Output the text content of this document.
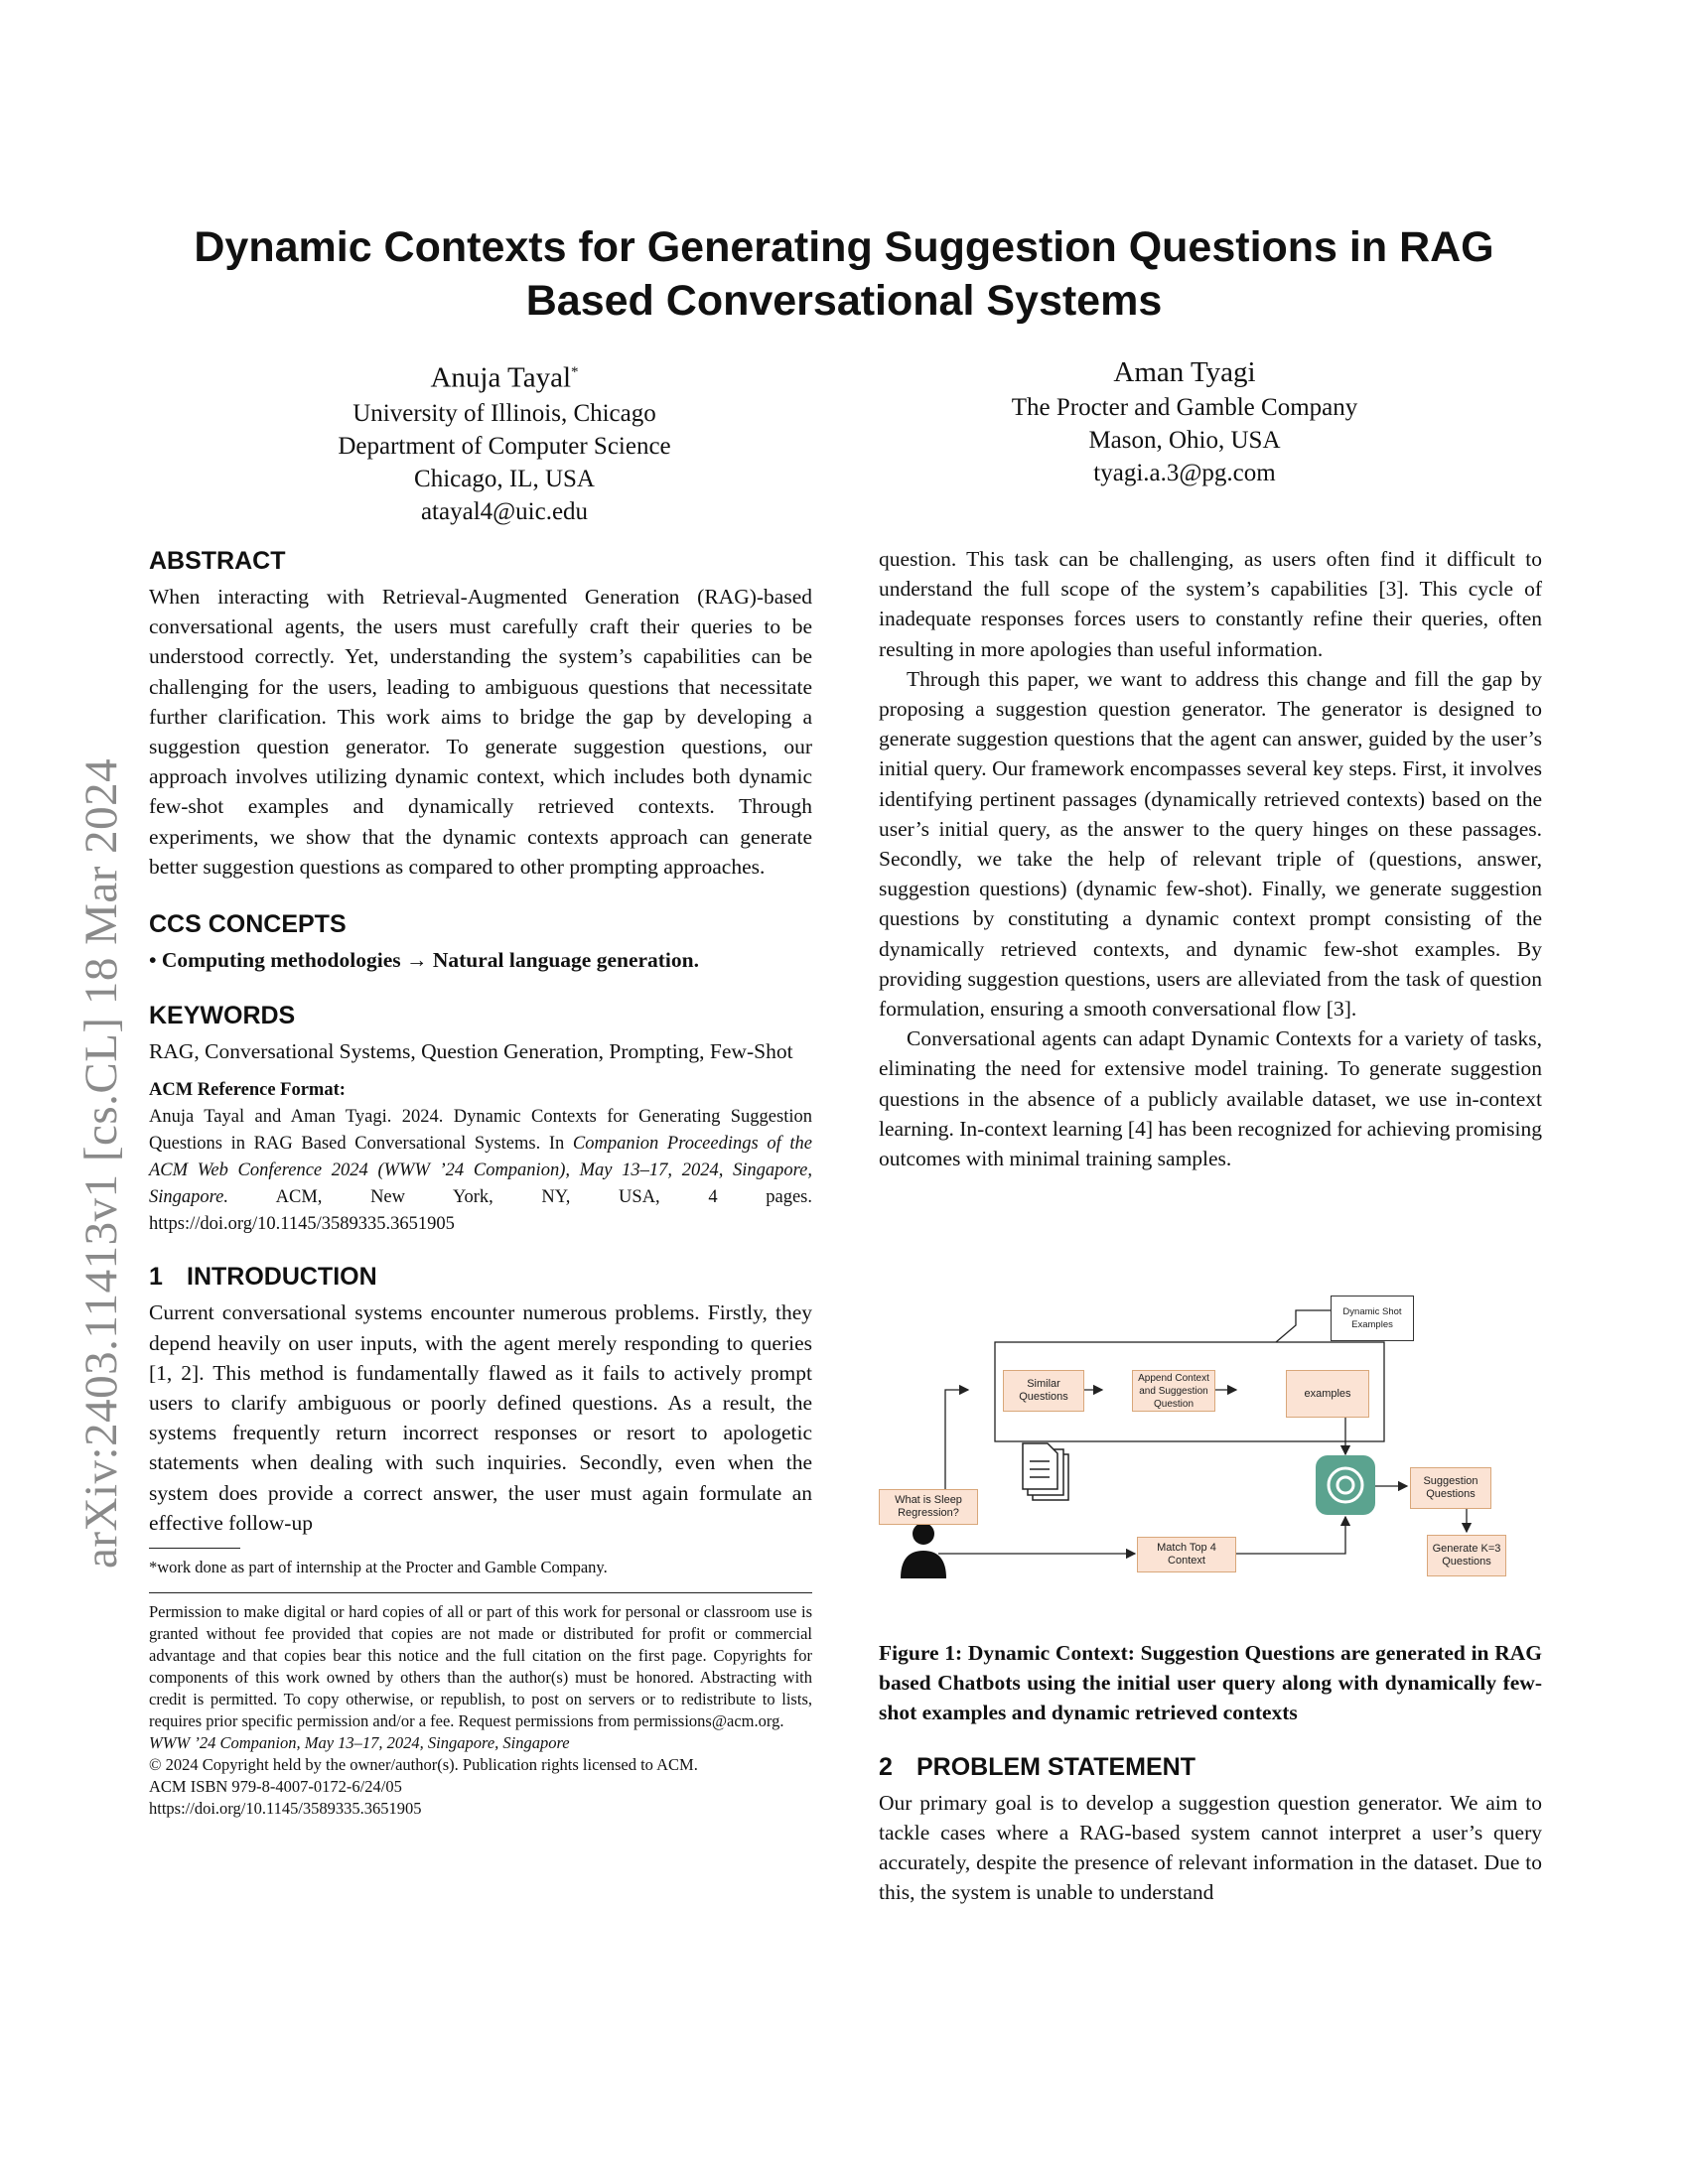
arXiv:2403.11413v1 [cs.CL] 18 Mar 2024
Dynamic Contexts for Generating Suggestion Questions in RAG Based Conversational Systems
Anuja Tayal*
University of Illinois, Chicago
Department of Computer Science
Chicago, IL, USA
atayal4@uic.edu
Aman Tyagi
The Procter and Gamble Company
Mason, Ohio, USA
tyagi.a.3@pg.com
ABSTRACT

When interacting with Retrieval-Augmented Generation (RAG)-based conversational agents, the users must carefully craft their queries to be understood correctly. Yet, understanding the system’s capabilities can be challenging for the users, leading to ambiguous questions that necessitate further clarification. This work aims to bridge the gap by developing a suggestion question generator. To generate suggestion questions, our approach involves utilizing dynamic context, which includes both dynamic few-shot examples and dynamically retrieved contexts. Through experiments, we show that the dynamic contexts approach can generate better suggestion questions as compared to other prompting approaches.

CCS CONCEPTS

• Computing methodologies → Natural language generation.

KEYWORDS

RAG, Conversational Systems, Question Generation, Prompting, Few-Shot

ACM Reference Format:
Anuja Tayal and Aman Tyagi. 2024. Dynamic Contexts for Generating Suggestion Questions in RAG Based Conversational Systems. In Companion Proceedings of the ACM Web Conference 2024 (WWW ’24 Companion), May 13–17, 2024, Singapore, Singapore. ACM, New York, NY, USA, 4 pages. https://doi.org/10.1145/3589335.3651905
1 INTRODUCTION

Current conversational systems encounter numerous problems. Firstly, they depend heavily on user inputs, with the agent merely responding to queries [1, 2]. This method is fundamentally flawed as it fails to actively prompt users to clarify ambiguous or poorly defined questions. As a result, the systems frequently return incorrect responses or resort to apologetic statements when dealing with such inquiries. Secondly, even when the system does provide a correct answer, the user must again formulate an effective follow-up

*work done as part of internship at the Procter and Gamble Company.
Permission to make digital or hard copies of all or part of this work for personal or classroom use is granted without fee provided that copies are not made or distributed for profit or commercial advantage and that copies bear this notice and the full citation on the first page. Copyrights for components of this work owned by others than the author(s) must be honored. Abstracting with credit is permitted. To copy otherwise, or republish, to post on servers or to redistribute to lists, requires prior specific permission and/or a fee. Request permissions from permissions@acm.org.
WWW ’24 Companion, May 13–17, 2024, Singapore, Singapore
© 2024 Copyright held by the owner/author(s). Publication rights licensed to ACM.
ACM ISBN 979-8-4007-0172-6/24/05
https://doi.org/10.1145/3589335.3651905

question. This task can be challenging, as users often find it difficult to understand the full scope of the system’s capabilities [3]. This cycle of inadequate responses forces users to constantly refine their queries, often resulting in more apologies than useful information.

Through this paper, we want to address this change and fill the gap by proposing a suggestion question generator. The generator is designed to generate suggestion questions that the agent can answer, guided by the user’s initial query. Our framework encompasses several key steps. First, it involves identifying pertinent passages (dynamically retrieved contexts) based on the user’s initial query, as the answer to the query hinges on these passages. Secondly, we take the help of relevant triple of (questions, answer, suggestion questions) (dynamic few-shot). Finally, we generate suggestion questions by constituting a dynamic context prompt consisting of the dynamically retrieved contexts, and dynamic few-shot examples. By providing suggestion questions, users are alleviated from the task of question formulation, ensuring a smooth conversational flow [3].

Conversational agents can adapt Dynamic Contexts for a variety of tasks, eliminating the need for extensive model training. To generate suggestion questions in the absence of a publicly available dataset, we use in-context learning. In-context learning [4] has been recognized for achieving promising outcomes with minimal training samples.

Dynamic Shot Examples
Similar Questions
Append Context and Suggestion Question
examples
What is Sleep Regression?
Match Top 4 Context
Suggestion Questions
Generate K=3 Questions

Figure 1: Dynamic Context: Suggestion Questions are generated in RAG based Chatbots using the initial user query along with dynamically few-shot examples and dynamic retrieved contexts

2 PROBLEM STATEMENT

Our primary goal is to develop a suggestion question generator. We aim to tackle cases where a RAG-based system cannot interpret a user’s query accurately, despite the presence of relevant information in the dataset. Due to this, the system is unable to understand
